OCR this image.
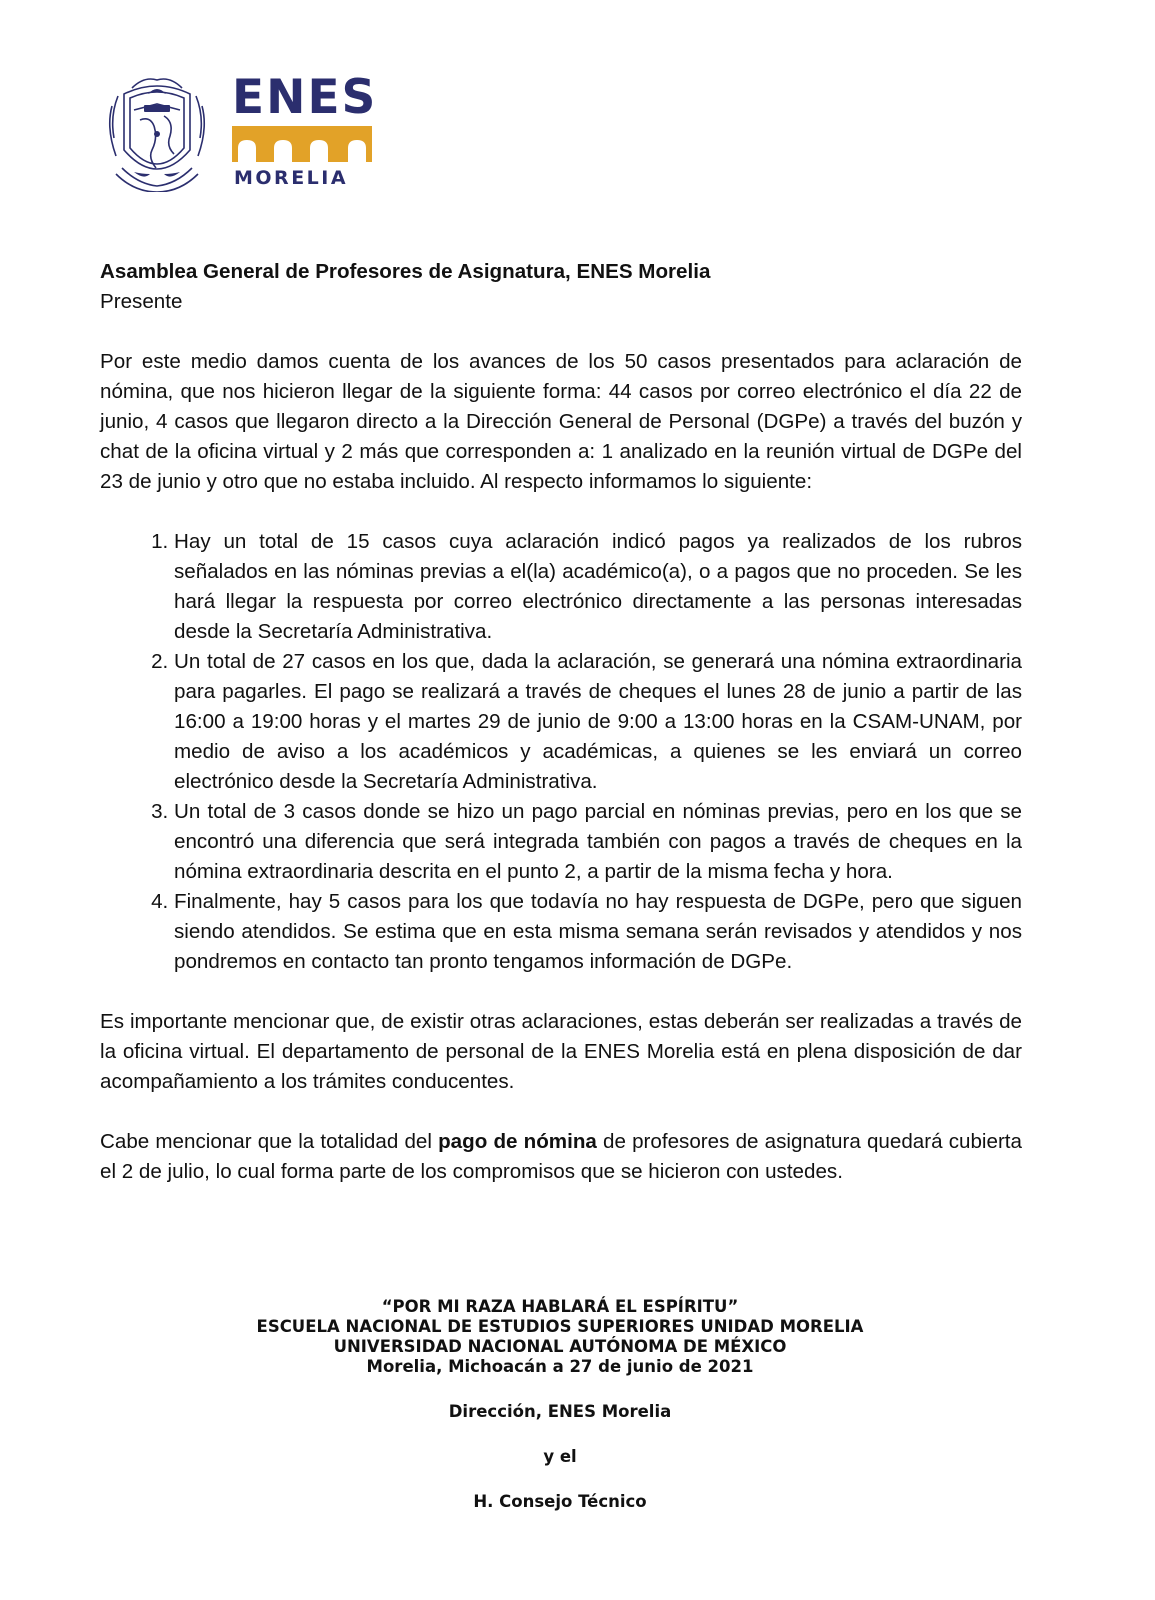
ENES
MORELIA

Asamblea General de Profesores de Asignatura, ENES Morelia

Presente

Por este medio damos cuenta de los avances de los 50 casos presentados para aclaración de nómina, que nos hicieron llegar de la siguiente forma: 44 casos por correo electrónico el día 22 de junio, 4 casos que llegaron directo a la Dirección General de Personal (DGPe) a través del buzón y chat de la oficina virtual y 2 más que corresponden a: 1 analizado en la reunión virtual de DGPe del 23 de junio y otro que no estaba incluido. Al respecto informamos lo siguiente:

1. Hay un total de 15 casos cuya aclaración indicó pagos ya realizados de los rubros señalados en las nóminas previas a el(la) académico(a), o a pagos que no proceden. Se les hará llegar la respuesta por correo electrónico directamente a las personas interesadas desde la Secretaría Administrativa.
2. Un total de 27 casos en los que, dada la aclaración, se generará una nómina extraordinaria para pagarles. El pago se realizará a través de cheques el lunes 28 de junio a partir de las 16:00 a 19:00 horas y el martes 29 de junio de 9:00 a 13:00 horas en la CSAM-UNAM, por medio de aviso a los académicos y académicas, a quienes se les enviará un correo electrónico desde la Secretaría Administrativa.
3. Un total de 3 casos donde se hizo un pago parcial en nóminas previas, pero en los que se encontró una diferencia que será integrada también con pagos a través de cheques en la nómina extraordinaria descrita en el punto 2, a partir de la misma fecha y hora.
4. Finalmente, hay 5 casos para los que todavía no hay respuesta de DGPe, pero que siguen siendo atendidos. Se estima que en esta misma semana serán revisados y atendidos y nos pondremos en contacto tan pronto tengamos información de DGPe.

Es importante mencionar que, de existir otras aclaraciones, estas deberán ser realizadas a través de la oficina virtual. El departamento de personal de la ENES Morelia está en plena disposición de dar acompañamiento a los trámites conducentes.

Cabe mencionar que la totalidad del pago de nómina de profesores de asignatura quedará cubierta el 2 de julio, lo cual forma parte de los compromisos que se hicieron con ustedes.

“POR MI RAZA HABLARÁ EL ESPÍRITU”
ESCUELA NACIONAL DE ESTUDIOS SUPERIORES UNIDAD MORELIA
UNIVERSIDAD NACIONAL AUTÓNOMA DE MÉXICO
Morelia, Michoacán a 27 de junio de 2021
Dirección, ENES Morelia
y el
H. Consejo Técnico
